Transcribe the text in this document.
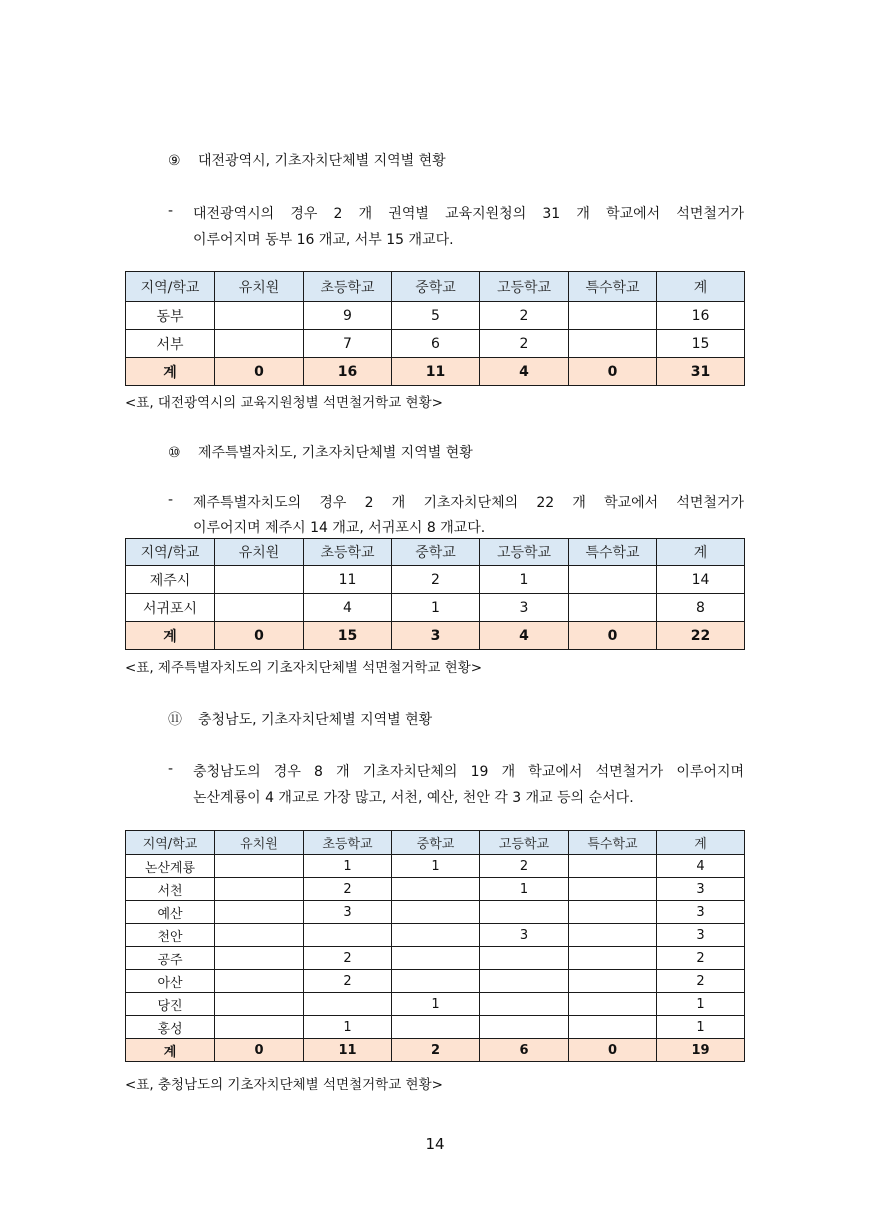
⑨ 대전광역시, 기초자치단체별 지역별 현황
- 대전광역시의 경우 2 개 권역별 교육지원청의 31 개 학교에서 석면철거가
이루어지며 동부 16 개교, 서부 15 개교다.
지역/학교	유치원	초등학교	중학교	고등학교	특수학교	계
동부		9	5	2		16
서부		7	6	2		15
계	0	16	11	4	0	31
<표, 대전광역시의 교육지원청별 석면철거학교 현황>
⑩ 제주특별자치도, 기초자치단체별 지역별 현황
- 제주특별자치도의 경우 2 개 기초자치단체의 22 개 학교에서 석면철거가
이루어지며 제주시 14 개교, 서귀포시 8 개교다.
지역/학교	유치원	초등학교	중학교	고등학교	특수학교	계
제주시		11	2	1		14
서귀포시		4	1	3		8
계	0	15	3	4	0	22
<표, 제주특별자치도의 기초자치단체별 석면철거학교 현황>
⑪ 충청남도, 기초자치단체별 지역별 현황
- 충청남도의 경우 8 개 기초자치단체의 19 개 학교에서 석면철거가 이루어지며
논산계룡이 4 개교로 가장 많고, 서천, 예산, 천안 각 3 개교 등의 순서다.
지역/학교	유치원	초등학교	중학교	고등학교	특수학교	계
논산계룡		1	1	2		4
서천		2		1		3
예산		3				3
천안				3		3
공주		2				2
아산		2				2
당진			1			1
홍성		1				1
계	0	11	2	6	0	19
<표, 충청남도의 기초자치단체별 석면철거학교 현황>
14
